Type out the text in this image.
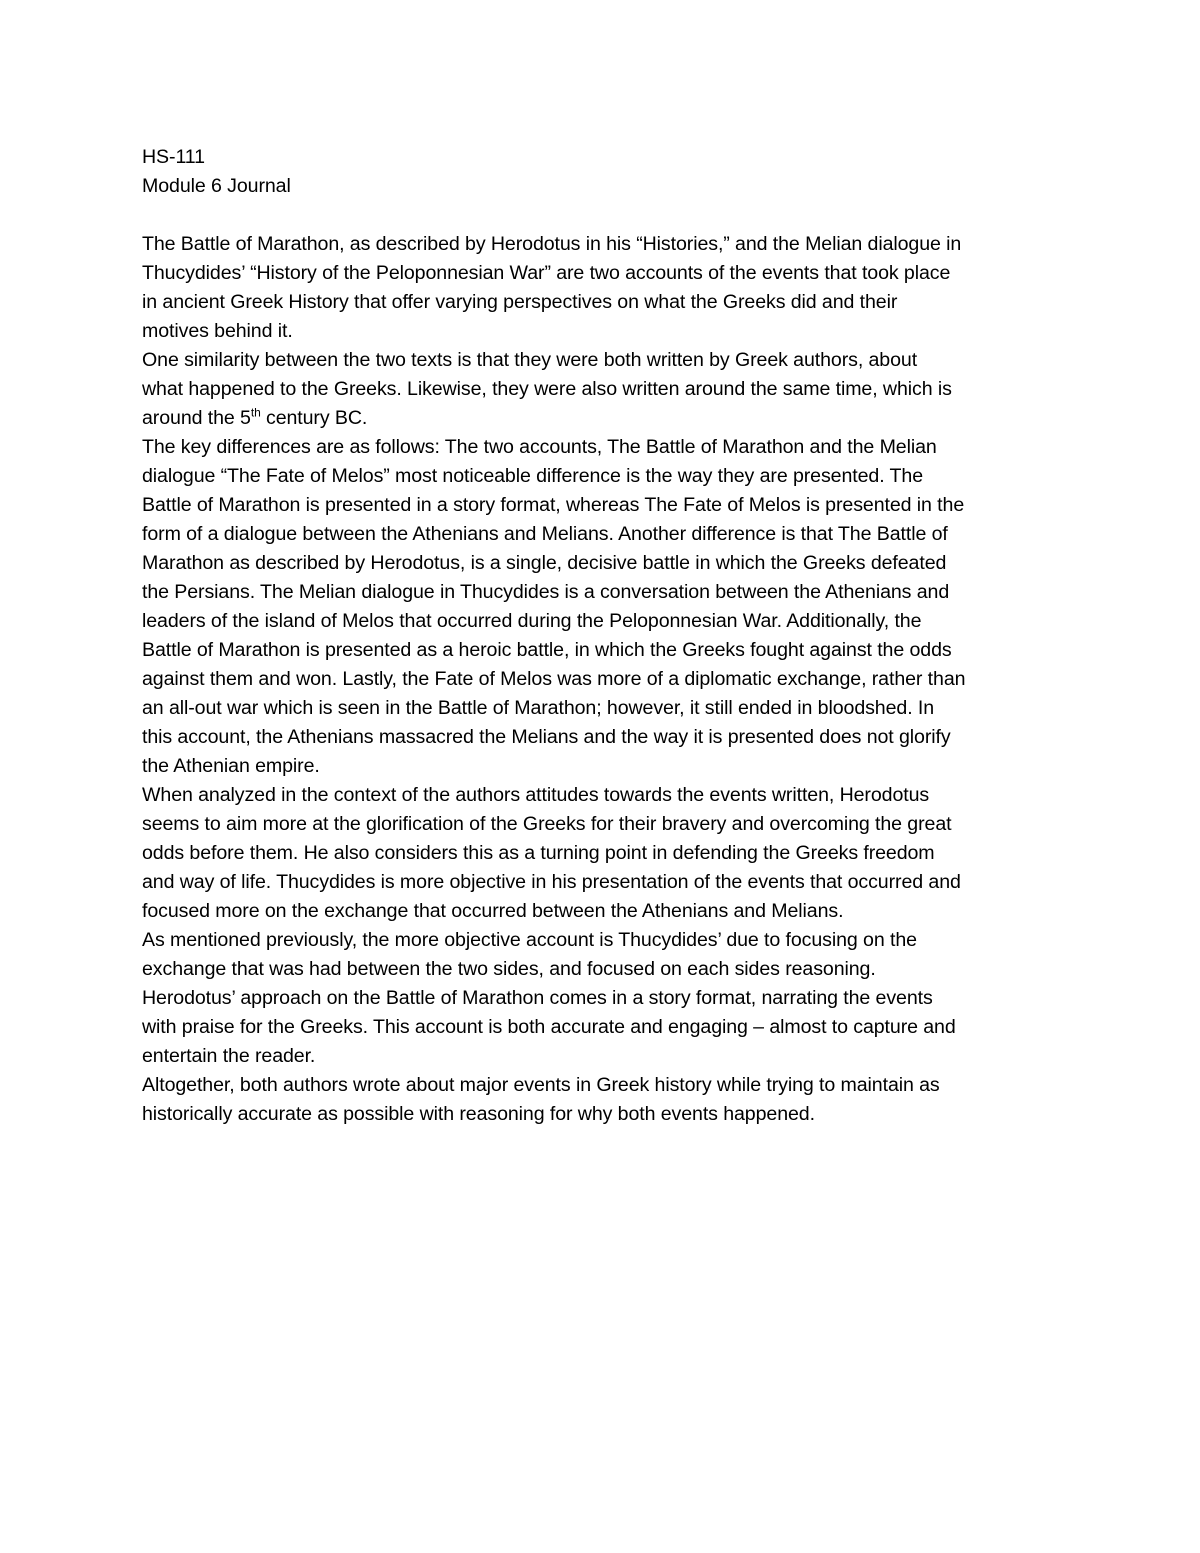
HS-111
Module 6 Journal
The Battle of Marathon, as described by Herodotus in his “Histories,” and the Melian dialogue in
Thucydides’ “History of the Peloponnesian War” are two accounts of the events that took place
in ancient Greek History that offer varying perspectives on what the Greeks did and their
motives behind it.
One similarity between the two texts is that they were both written by Greek authors, about
what happened to the Greeks. Likewise, they were also written around the same time, which is
around the 5th century BC.
The key differences are as follows: The two accounts, The Battle of Marathon and the Melian
dialogue “The Fate of Melos” most noticeable difference is the way they are presented. The
Battle of Marathon is presented in a story format, whereas The Fate of Melos is presented in the
form of a dialogue between the Athenians and Melians. Another difference is that The Battle of
Marathon as described by Herodotus, is a single, decisive battle in which the Greeks defeated
the Persians. The Melian dialogue in Thucydides is a conversation between the Athenians and
leaders of the island of Melos that occurred during the Peloponnesian War. Additionally, the
Battle of Marathon is presented as a heroic battle, in which the Greeks fought against the odds
against them and won. Lastly, the Fate of Melos was more of a diplomatic exchange, rather than
an all-out war which is seen in the Battle of Marathon; however, it still ended in bloodshed. In
this account, the Athenians massacred the Melians and the way it is presented does not glorify
the Athenian empire.
When analyzed in the context of the authors attitudes towards the events written, Herodotus
seems to aim more at the glorification of the Greeks for their bravery and overcoming the great
odds before them. He also considers this as a turning point in defending the Greeks freedom
and way of life. Thucydides is more objective in his presentation of the events that occurred and
focused more on the exchange that occurred between the Athenians and Melians.
As mentioned previously, the more objective account is Thucydides’ due to focusing on the
exchange that was had between the two sides, and focused on each sides reasoning.
Herodotus’ approach on the Battle of Marathon comes in a story format, narrating the events
with praise for the Greeks. This account is both accurate and engaging – almost to capture and
entertain the reader.
Altogether, both authors wrote about major events in Greek history while trying to maintain as
historically accurate as possible with reasoning for why both events happened.
